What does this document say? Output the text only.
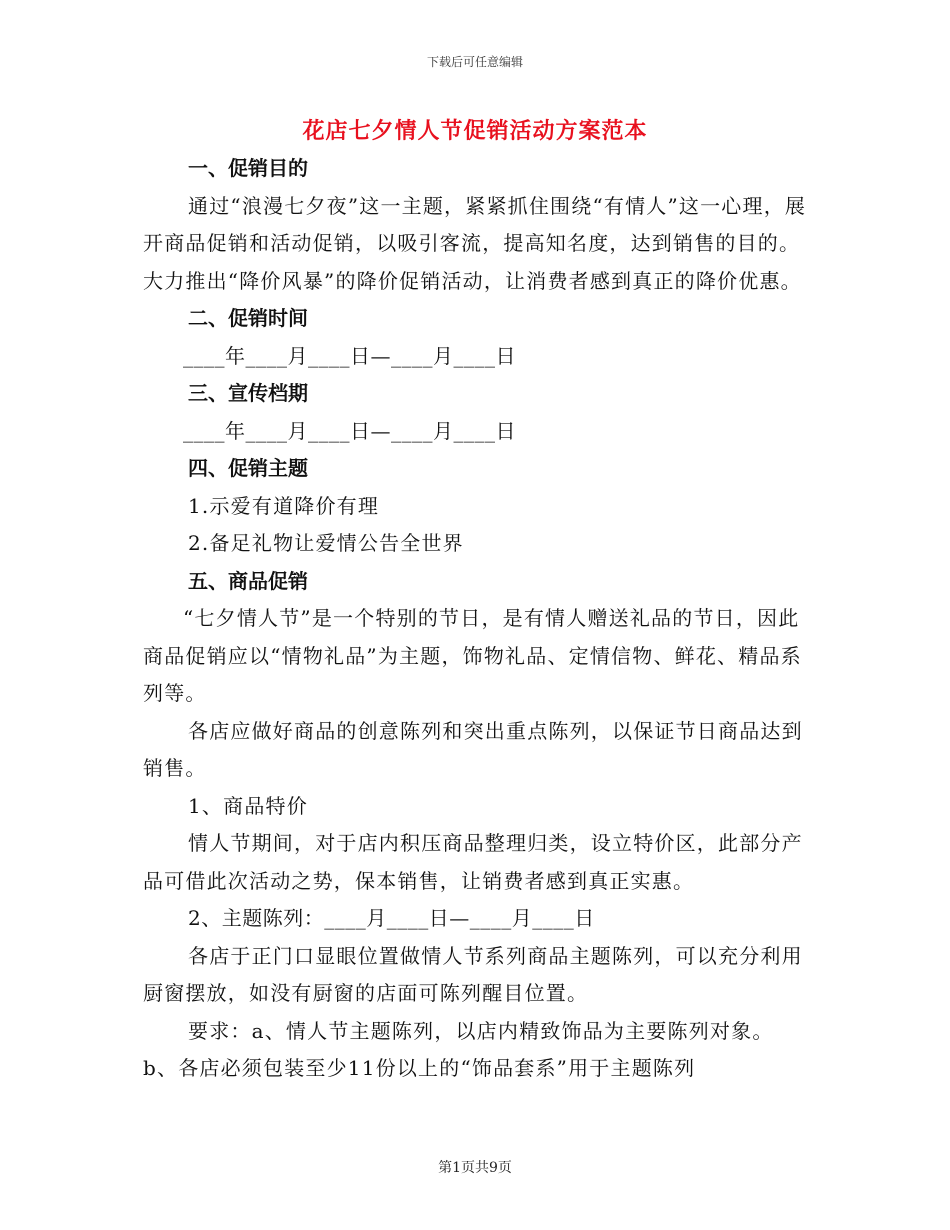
下载后可任意编辑
花店七夕情人节促销活动方案范本
一、促销目的
通过“浪漫七夕夜”这一主题，紧紧抓住围绕“有情人”这一心理，展开商品促销和活动促销，以吸引客流，提高知名度，达到销售的目的。大力推出“降价风暴”的降价促销活动，让消费者感到真正的降价优惠。
二、促销时间
____年____月____日—____月____日
三、宣传档期
____年____月____日—____月____日
四、促销主题
1.示爱有道降价有理
2.备足礼物让爱情公告全世界
五、商品促销
“七夕情人节”是一个特别的节日，是有情人赠送礼品的节日，因此商品促销应以“情物礼品”为主题，饰物礼品、定情信物、鲜花、精品系列等。
各店应做好商品的创意陈列和突出重点陈列，以保证节日商品达到销售。
1、商品特价
情人节期间，对于店内积压商品整理归类，设立特价区，此部分产品可借此次活动之势，保本销售，让销费者感到真正实惠。
2、主题陈列：____月____日—____月____日
各店于正门口显眼位置做情人节系列商品主题陈列，可以充分利用厨窗摆放，如没有厨窗的店面可陈列醒目位置。
要求：a、情人节主题陈列，以店内精致饰品为主要陈列对象。
b、各店必须包装至少11份以上的“饰品套系”用于主题陈列
第1页共9页
